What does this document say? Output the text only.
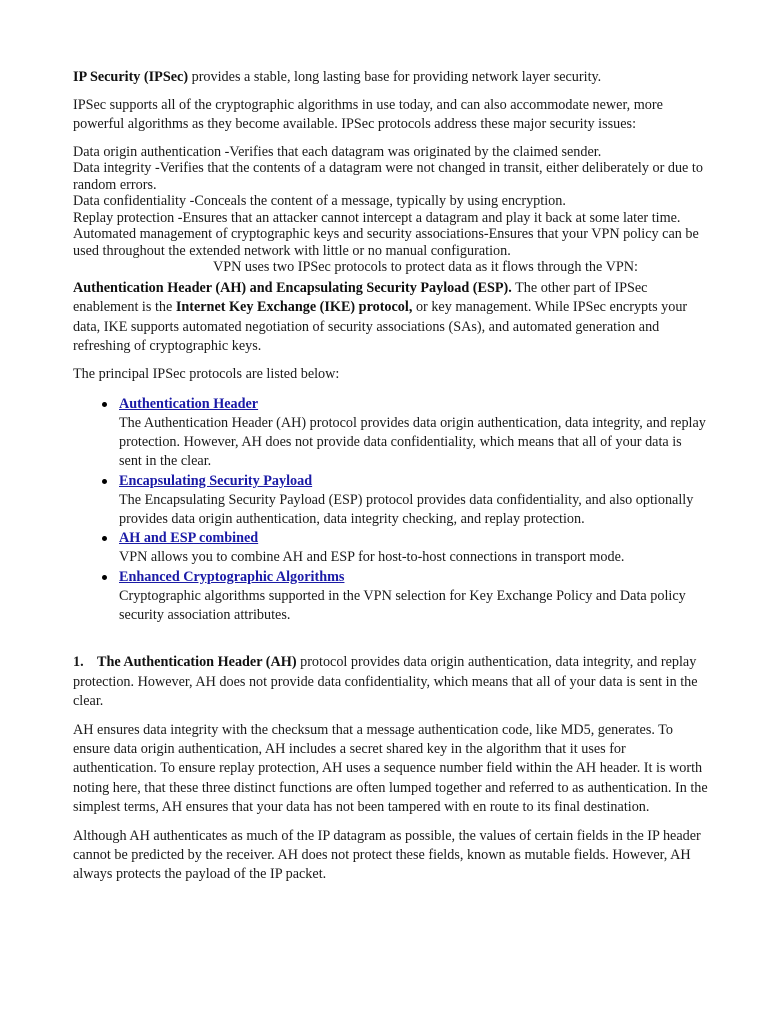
IP Security (IPSec) provides a stable, long lasting base for providing network layer security.

IPSec supports all of the cryptographic algorithms in use today, and can also accommodate newer, more powerful algorithms as they become available. IPSec protocols address these major security issues:

Data origin authentication -Verifies that each datagram was originated by the claimed sender.

Data integrity -Verifies that the contents of a datagram were not changed in transit, either deliberately or due to random errors.

Data confidentiality -Conceals the content of a message, typically by using encryption.

Replay protection -Ensures that an attacker cannot intercept a datagram and play it back at some later time.

Automated management of cryptographic keys and security associations-Ensures that your VPN policy can be used throughout the extended network with little or no manual configuration.

VPN uses two IPSec protocols to protect data as it flows through the VPN:

Authentication Header (AH) and Encapsulating Security Payload (ESP). The other part of IPSec enablement is the Internet Key Exchange (IKE) protocol, or key management. While IPSec encrypts your data, IKE supports automated negotiation of security associations (SAs), and automated generation and refreshing of cryptographic keys.

The principal IPSec protocols are listed below:

Authentication Header
The Authentication Header (AH) protocol provides data origin authentication, data integrity, and replay protection. However, AH does not provide data confidentiality, which means that all of your data is sent in the clear.
Encapsulating Security Payload
The Encapsulating Security Payload (ESP) protocol provides data confidentiality, and also optionally provides data origin authentication, data integrity checking, and replay protection.
AH and ESP combined
VPN allows you to combine AH and ESP for host-to-host connections in transport mode.
Enhanced Cryptographic Algorithms
Cryptographic algorithms supported in the VPN selection for Key Exchange Policy and Data policy security association attributes.

1. The Authentication Header (AH) protocol provides data origin authentication, data integrity, and replay protection. However, AH does not provide data confidentiality, which means that all of your data is sent in the clear.

AH ensures data integrity with the checksum that a message authentication code, like MD5, generates. To ensure data origin authentication, AH includes a secret shared key in the algorithm that it uses for authentication. To ensure replay protection, AH uses a sequence number field within the AH header. It is worth noting here, that these three distinct functions are often lumped together and referred to as authentication. In the simplest terms, AH ensures that your data has not been tampered with en route to its final destination.

Although AH authenticates as much of the IP datagram as possible, the values of certain fields in the IP header cannot be predicted by the receiver. AH does not protect these fields, known as mutable fields. However, AH always protects the payload of the IP packet.
